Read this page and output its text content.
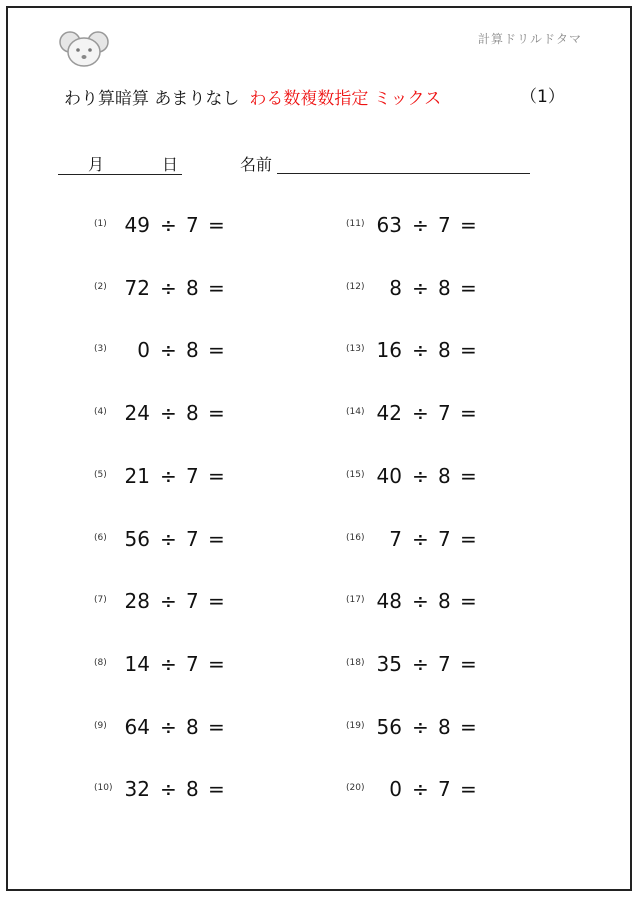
計算ドリルドタマ
わり算暗算 あまりなし わる数複数指定 ミックス	（1）
月	日	名前
(1) 49 ÷ 7 =
(2) 72 ÷ 8 =
(3)	0 ÷ 8 =
(4) 24 ÷ 8 =
(5) 21 ÷ 7 =
(6) 56 ÷ 7 =
(7) 28 ÷ 7 =
(8) 14 ÷ 7 =
(9) 64 ÷ 8 =
(10) 32 ÷ 8 =
(11) 63 ÷ 7 =
(12)	8 ÷ 8 =
(13) 16 ÷ 8 =
(14) 42 ÷ 7 =
(15) 40 ÷ 8 =
(16)	7 ÷ 7 =
(17) 48 ÷ 8 =
(18) 35 ÷ 7 =
(19) 56 ÷ 8 =
(20)	0 ÷ 7 =
